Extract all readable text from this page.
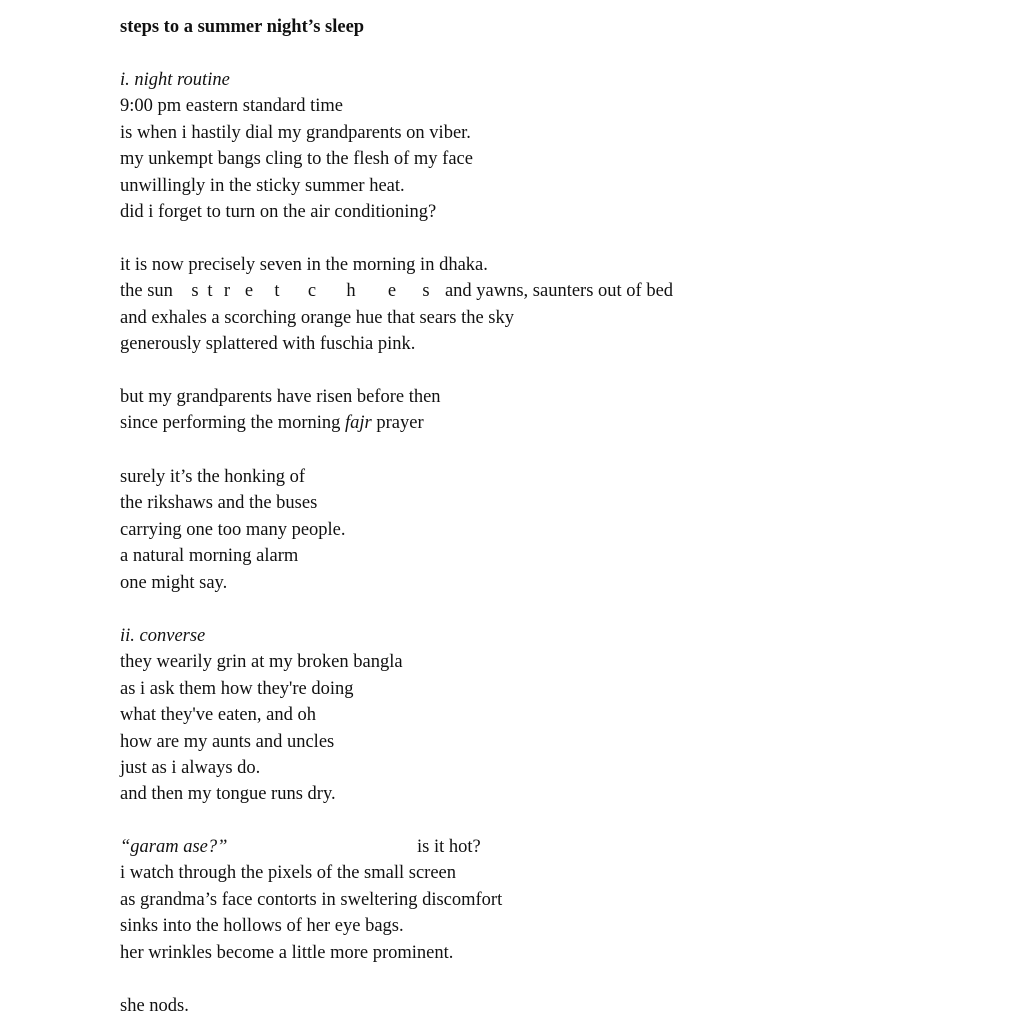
steps to a summer night’s sleep
i. night routine
9:00 pm eastern standard time
is when i hastily dial my grandparents on viber.
my unkempt bangs cling to the flesh of my face
unwillingly in the sticky summer heat.
did i forget to turn on the air conditioning?
it is now precisely seven in the morning in dhaka.
the sun s t r e t c h e s and yawns, saunters out of bed
and exhales a scorching orange hue that sears the sky
generously splattered with fuschia pink.
but my grandparents have risen before then
since performing the morning fajr prayer
surely it’s the honking of
the rikshaws and the buses
carrying one too many people.
a natural morning alarm
one might say.
ii. converse
they wearily grin at my broken bangla
as i ask them how they're doing
what they've eaten, and oh
how are my aunts and uncles
just as i always do.
and then my tongue runs dry.
“garam ase?”	is it hot?
i watch through the pixels of the small screen
as grandma’s face contorts in sweltering discomfort
sinks into the hollows of her eye bags.
her wrinkles become a little more prominent.
she nods.
